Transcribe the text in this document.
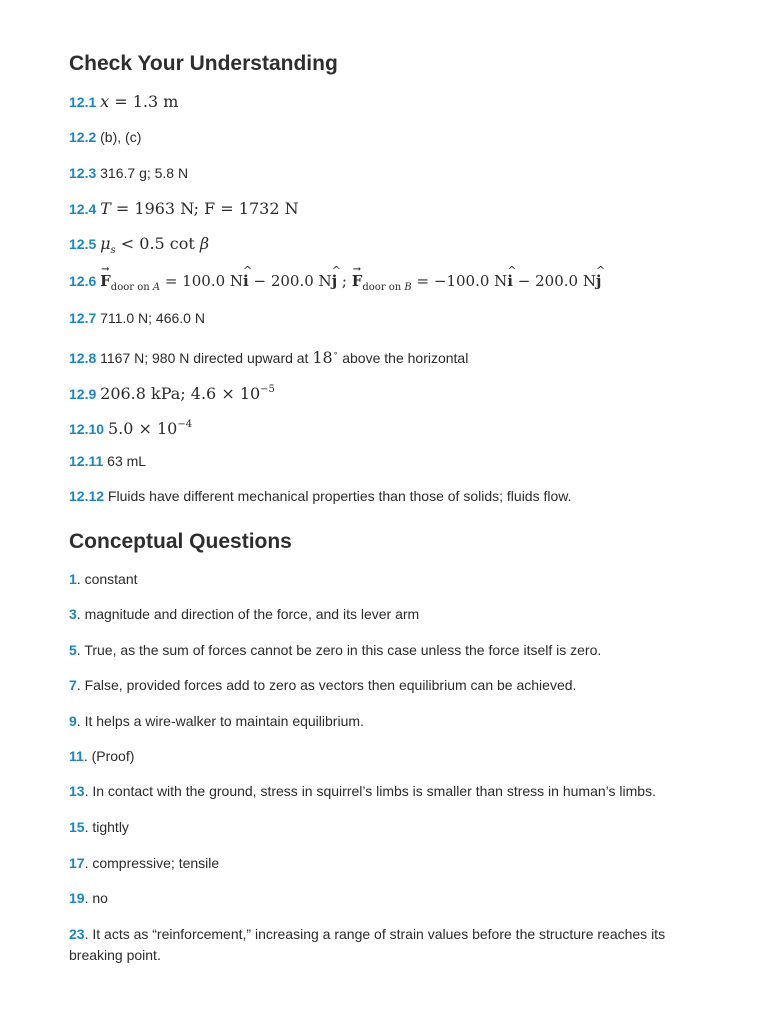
Check Your Understanding
12.1 x = 1.3 m
12.2 (b), (c)
12.3 316.7 g; 5.8 N
12.4 T = 1963 N; F = 1732 N
12.5 $\mu_s < 0.5$ cot β
12.6 $F \to_{door on A} = 100.0$ Ni ^ − 200.0 Nj ^ ; $F \to_{door on B} = -100.0$ Ni ^ − 200.0 Nj ^
12.7 711.0 N; 466.0 N
12.8 1167 N; 980 N directed upward at 18∘ above the horizontal
12.9 206.8 kPa; $4.6 \times 10^{-5}$
12.10 $5.0 \times 10^{-4}$
12.11 63 mL
12.12 Fluids have different mechanical properties than those of solids; fluids flow.
Conceptual Questions
1. constant
3. magnitude and direction of the force, and its lever arm
5. True, as the sum of forces cannot be zero in this case unless the force itself is zero.
7. False, provided forces add to zero as vectors then equilibrium can be achieved.
9. It helps a wire-walker to maintain equilibrium.
11. (Proof)
13. In contact with the ground, stress in squirrel’s limbs is smaller than stress in human’s limbs.
15. tightly
17. compressive; tensile
19. no
23. It acts as “reinforcement,” increasing a range of strain values before the structure reaches its breaking point.
